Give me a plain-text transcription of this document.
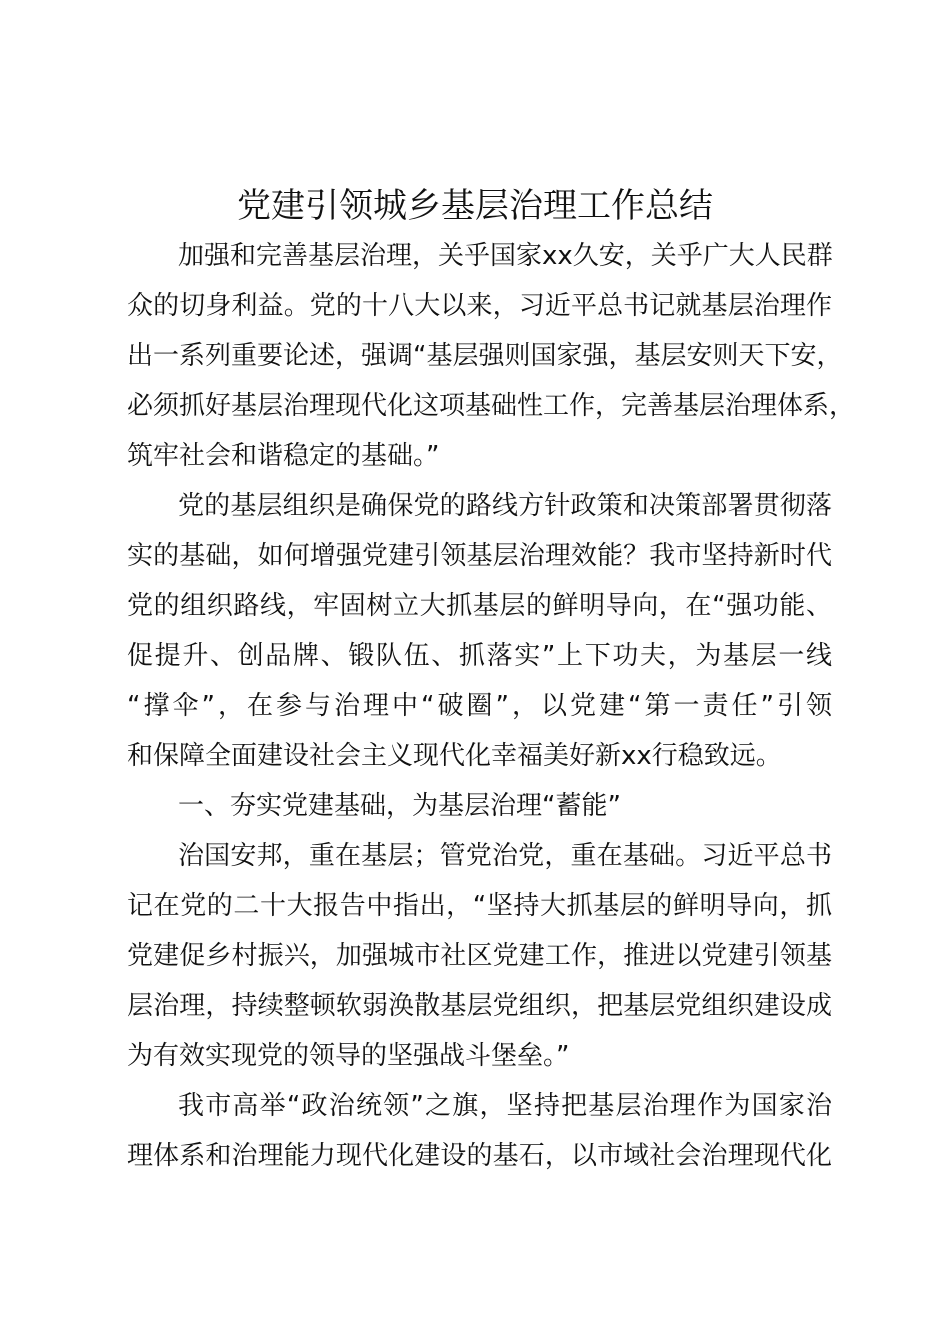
党建引领城乡基层治理工作总结
加强和完善基层治理，关乎国家xx久安，关乎广大人民群
众的切身利益。党的十八大以来，习近平总书记就基层治理作
出一系列重要论述，强调“基层强则国家强，基层安则天下安，
必须抓好基层治理现代化这项基础性工作，完善基层治理体系，
筑牢社会和谐稳定的基础。”
党的基层组织是确保党的路线方针政策和决策部署贯彻落
实的基础，如何增强党建引领基层治理效能？我市坚持新时代
党的组织路线，牢固树立大抓基层的鲜明导向，在“强功能、
促提升、创品牌、锻队伍、抓落实”上下功夫，为基层一线
“撑伞”，在参与治理中“破圈”，以党建“第一责任”引领
和保障全面建设社会主义现代化幸福美好新xx行稳致远。
一、夯实党建基础，为基层治理“蓄能”
治国安邦，重在基层；管党治党，重在基础。习近平总书
记在党的二十大报告中指出，“坚持大抓基层的鲜明导向，抓
党建促乡村振兴，加强城市社区党建工作，推进以党建引领基
层治理，持续整顿软弱涣散基层党组织，把基层党组织建设成
为有效实现党的领导的坚强战斗堡垒。”
我市高举“政治统领”之旗，坚持把基层治理作为国家治
理体系和治理能力现代化建设的基石，以市域社会治理现代化
